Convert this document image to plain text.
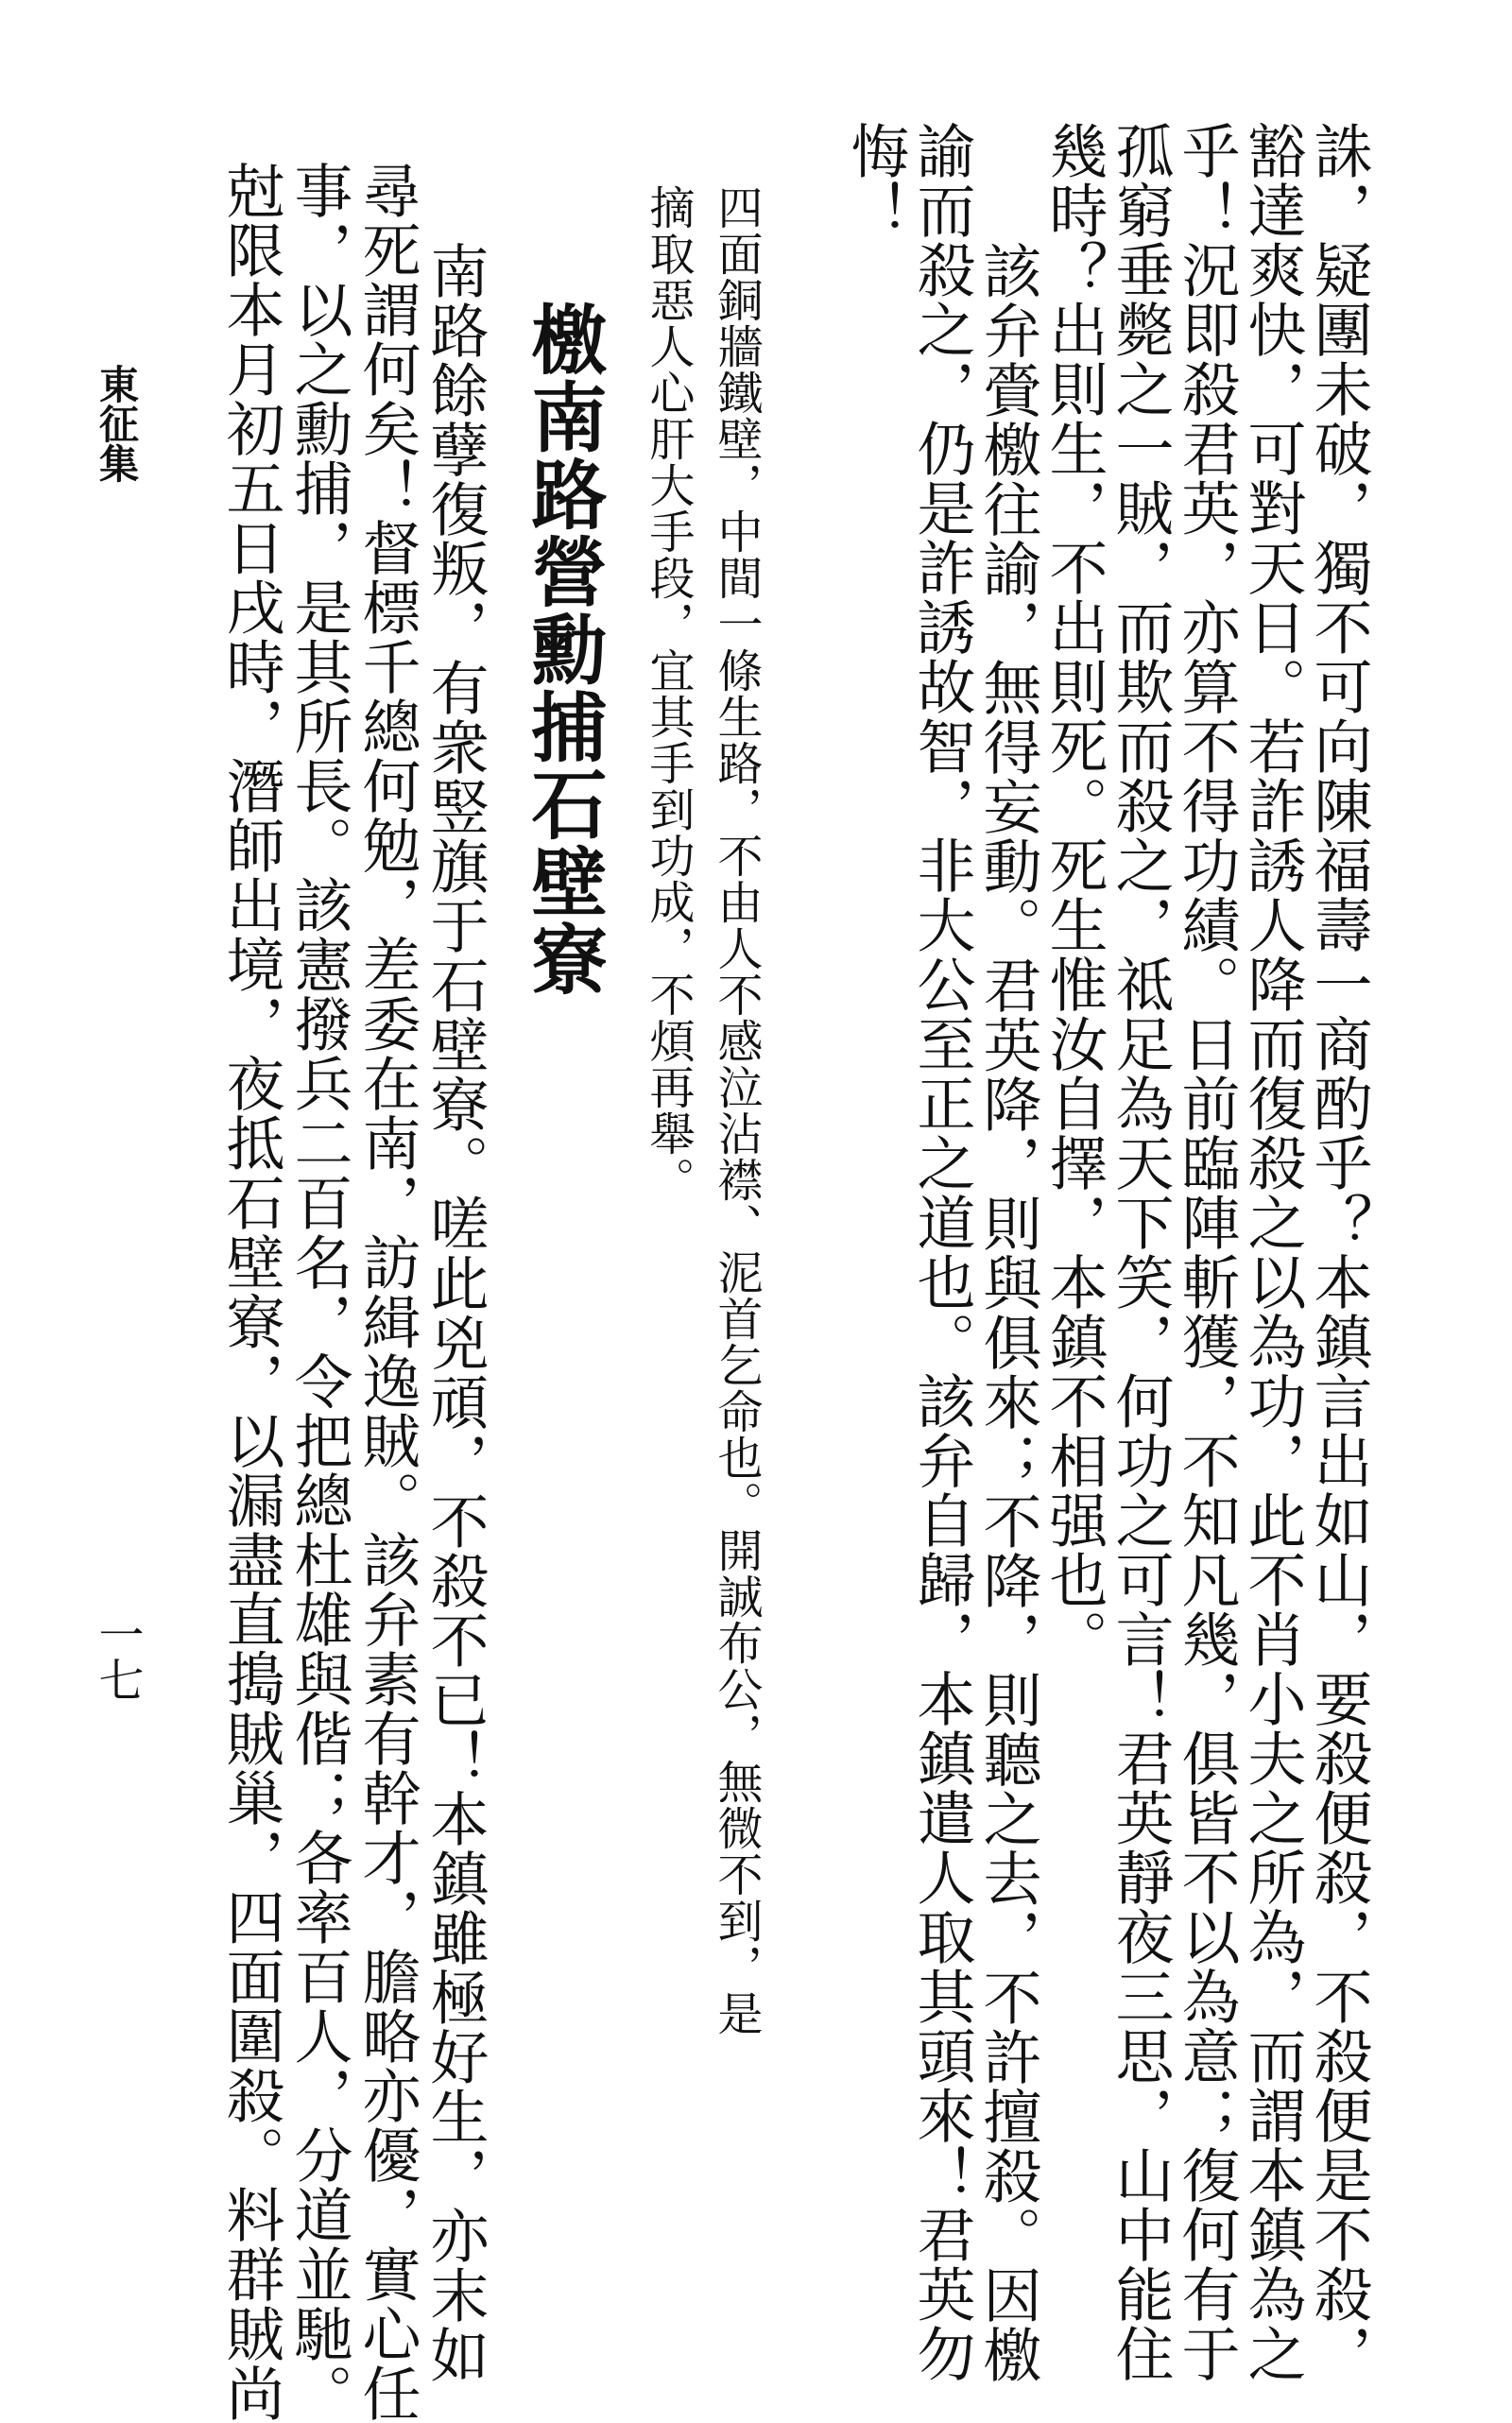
誅，疑團未破，獨不可向陳福壽一商酌乎？本鎮言出如山，要殺便殺，不殺便是不殺，
豁達爽快，可對天日。若詐誘人降而復殺之以為功，此不肖小夫之所為，而謂本鎮為之
乎！況即殺君英，亦算不得功績。日前臨陣斬獲，不知凡幾，俱皆不以為意；復何有于
孤窮垂斃之一賊，而欺而殺之，祗足為天下笑，何功之可言！君英靜夜三思，山中能住
幾時？出則生，不出則死。死生惟汝自擇，本鎮不相强也。
該弁賫檄往諭，無得妄動。君英降，則與俱來；不降，則聽之去，不許擅殺。因檄
諭而殺之，仍是詐誘故智，非大公至正之道也。該弁自歸，本鎮遣人取其頭來！君英勿
悔！
四面銅牆鐵壁，中間一條生路，不由人不感泣沾襟、泥首乞命也。開誠布公，無微不到，是
摘取惡人心肝大手段，宜其手到功成，不煩再舉。
檄南路營勳捕石壁寮
南路餘孽復叛，有衆竪旗于石壁寮。嗟此兇頑，不殺不已！本鎮雖極好生，亦末如
尋死謂何矣！督標千總何勉，差委在南，訪緝逸賊。該弁素有幹才，膽略亦優，實心任
事，以之勳捕，是其所長。該憲撥兵二百名，令把總杜雄與偕；各率百人，分道並馳。
尅限本月初五日戌時，潛師出境，夜抵石壁寮，以漏盡直搗賊巢，四面圍殺。料群賊尚
東征集
一七
